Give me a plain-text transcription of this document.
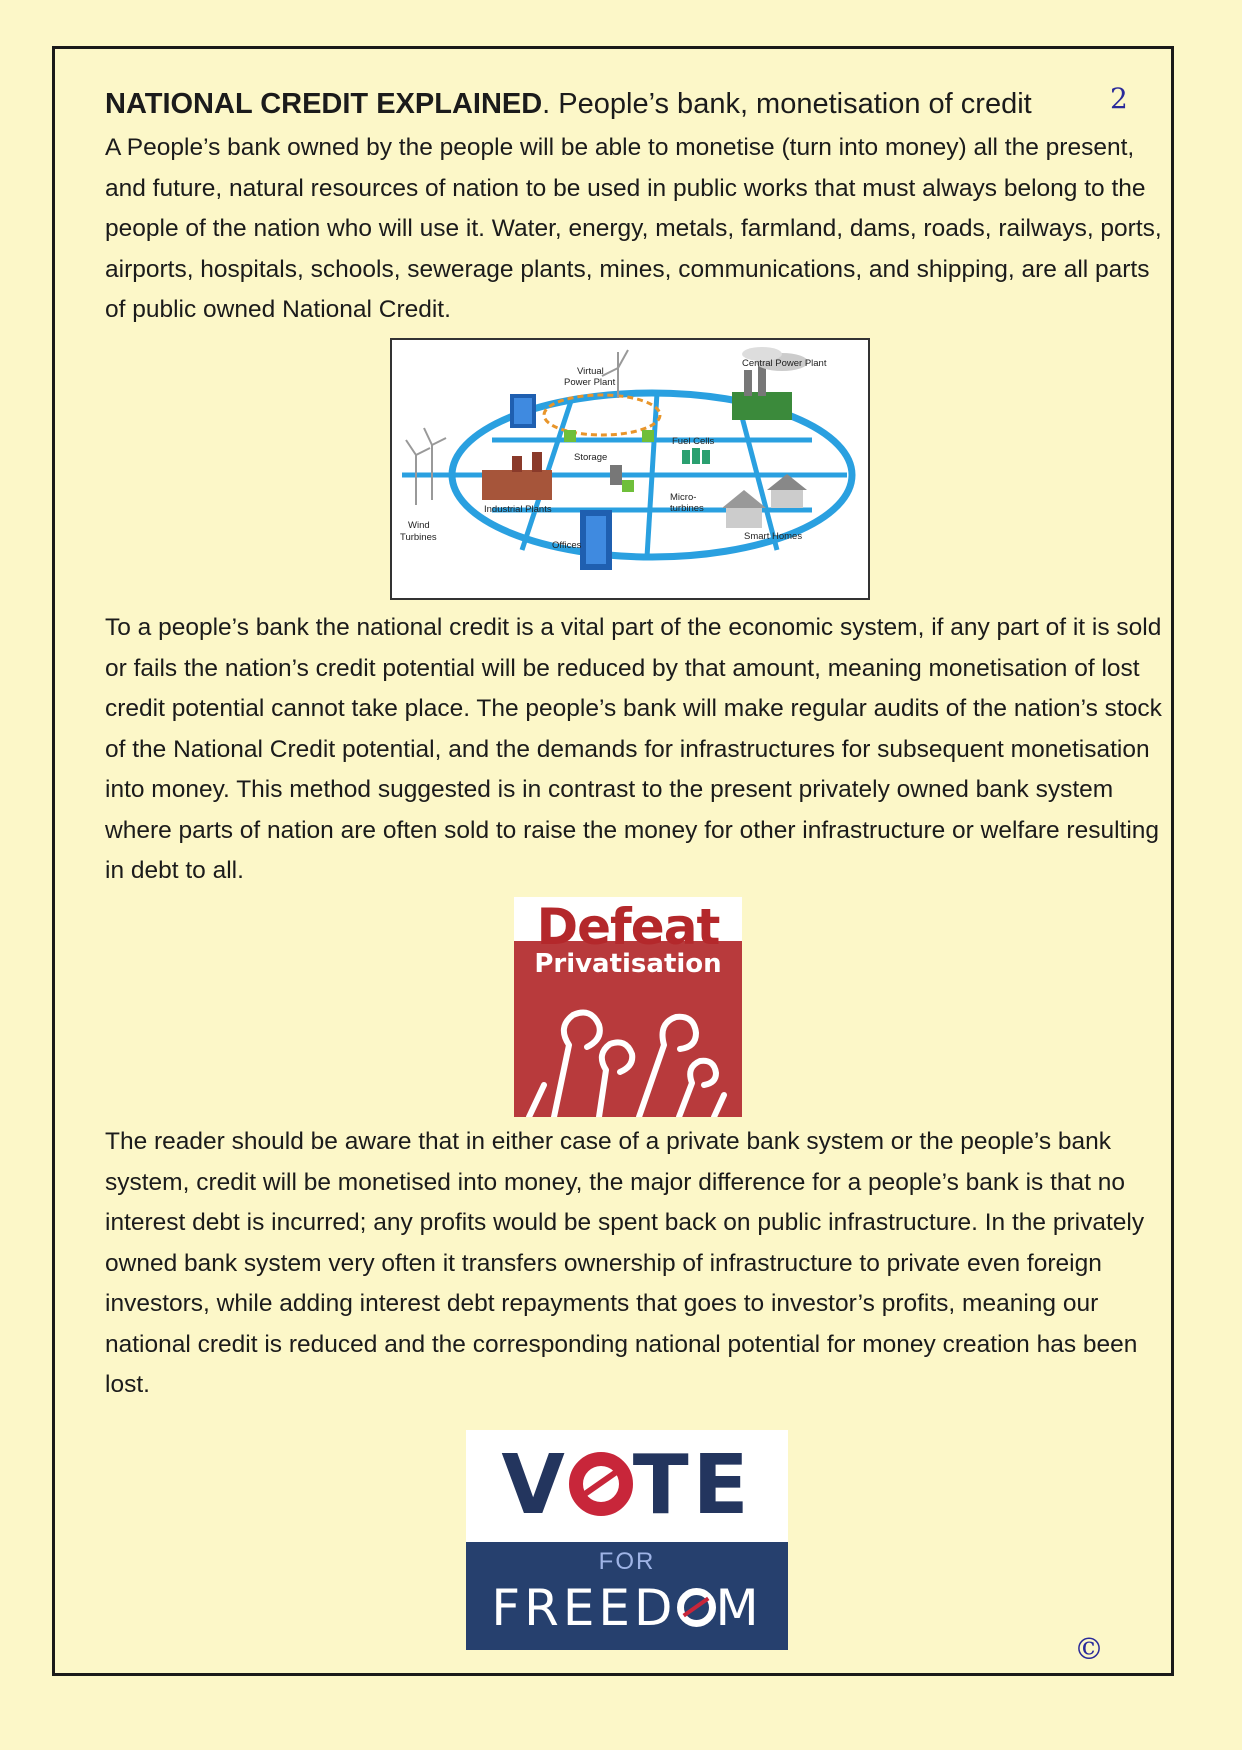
2
NATIONAL CREDIT EXPLAINED. People’s bank, monetisation of credit

A People’s bank owned by the people will be able to monetise (turn into money) all the present, and future, natural resources of nation to be used in public works that must always belong to the people of the nation who will use it. Water, energy, metals, farmland, dams, roads, railways, ports, airports, hospitals, schools, sewerage plants, mines, communications, and shipping, are all parts of public owned National Credit.

Virtual
Power Plant
Central Power Plant
Fuel Cells
Storage
Industrial Plants
Micro-
turbines
Wind
Turbines
Offices
Smart Homes

To a people’s bank the national credit is a vital part of the economic system, if any part of it is sold or fails the nation’s credit potential will be reduced by that amount, meaning monetisation of lost credit potential cannot take place. The people’s bank will make regular audits of the nation’s stock of the National Credit potential, and the demands for infrastructures for subsequent monetisation into money. This method suggested is in contrast to the present privately owned bank system where parts of nation are often sold to raise the money for other infrastructure or welfare resulting in debt to all.

Defeat
Privatisation

The reader should be aware that in either case of a private bank system or the people’s bank system, credit will be monetised into money, the major difference for a people’s bank is that no interest debt is incurred; any profits would be spent back on public infrastructure. In the privately owned bank system very often it transfers ownership of infrastructure to private even foreign investors, while adding interest debt repayments that goes to investor’s profits, meaning our national credit is reduced and the corresponding national potential for money creation has been lost.

V TE
FOR
FREED M
©
